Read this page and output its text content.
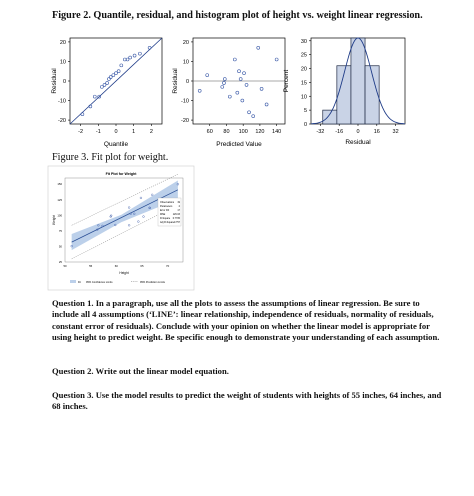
Figure 2. Quantile, residual, and histogram plot of height vs. weight linear regression.
20
10
0
-10
-20
-2 -1 0	1	2
Residual
Quantile
20
10
0
-10
-20
60 80 100 120 140
Residual
Predicted Value
30
25
20
15
10
5
0
-32 -16 0	16 32
Percent
Residual
Fit Plot for Weight
150
125
100
75
50
25
50	55	60	65	70
Observations	19
Parameters	2
Error DF	17
MSE	126.03
R-Square 0.7705
Adj R-Square 0.757
Weight
Height
Fit 95% Confidence Limits	95% Prediction Limits
Figure 3. Fit plot for weight.
Question 1. In a paragraph, use all the plots to assess the assumptions of linear regression. Be sure to include all 4 assumptions (‘LINE’: linear relationship, independence of residuals, normality of residuals, constant error of residuals). Conclude with your opinion on whether the linear model is appropriate for using height to predict weight. Be specific enough to demonstrate your understanding of each assumption.
Question 2. Write out the linear model equation.
Question 3. Use the model results to predict the weight of students with heights of 55 inches, 64 inches, and 68 inches.
